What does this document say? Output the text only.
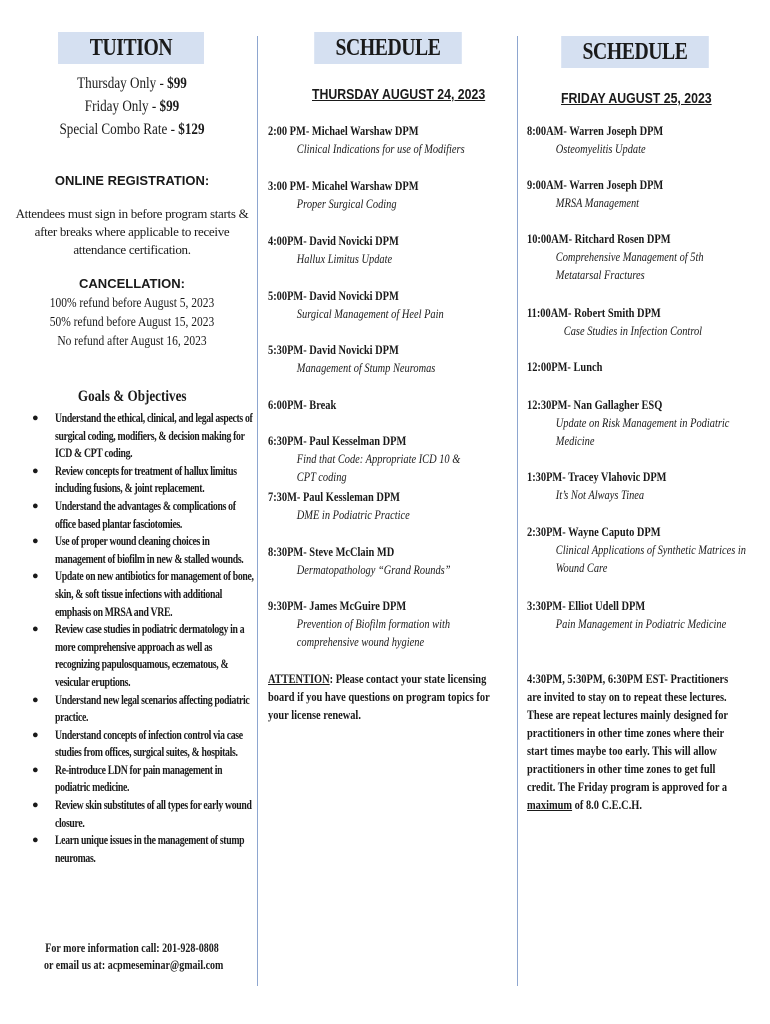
TUITION
Thursday Only - $99
Friday Only - $99
Special Combo Rate - $129
ONLINE REGISTRATION:
Attendees must sign in before program starts & after breaks where applicable to receive attendance certification.
CANCELLATION:
100% refund before August 5, 2023
50% refund before August 15, 2023
No refund after August 16, 2023
Goals & Objectives
● Understand the ethical, clinical, and legal aspects of surgical coding, modifiers, & decision making for ICD & CPT coding.
● Review concepts for treatment of hallux limitus including fusions, & joint replacement.
● Understand the advantages & complications of office based plantar fasciotomies.
● Use of proper wound cleaning choices in management of biofilm in new & stalled wounds.
● Update on new antibiotics for management of bone, skin, & soft tissue infections with additional emphasis on MRSA and VRE.
● Review case studies in podiatric dermatology in a more comprehensive approach as well as recognizing papulosquamous, eczematous, & vesicular eruptions.
● Understand new legal scenarios affecting podiatric practice.
● Understand concepts of infection control via case studies from offices, surgical suites, & hospitals.
● Re-introduce LDN for pain management in podiatric medicine.
● Review skin substitutes of all types for early wound closure.
● Learn unique issues in the management of stump neuromas.
For more information call: 201-928-0808
or email us at: acpmeseminar@gmail.com
SCHEDULE
THURSDAY AUGUST 24, 2023
2:00 PM- Michael Warshaw DPM
Clinical Indications for use of Modifiers
3:00 PM- Micahel Warshaw DPM
Proper Surgical Coding
4:00PM- David Novicki DPM
Hallux Limitus Update
5:00PM- David Novicki DPM
Surgical Management of Heel Pain
5:30PM- David Novicki DPM
Management of Stump Neuromas
6:00PM- Break
6:30PM- Paul Kesselman DPM
Find that Code: Appropriate ICD 10 & CPT coding
7:30M- Paul Kessleman DPM
DME in Podiatric Practice
8:30PM- Steve McClain MD
Dermatopathology “Grand Rounds”
9:30PM- James McGuire DPM
Prevention of Biofilm formation with comprehensive wound hygiene
ATTENTION: Please contact your state licensing board if you have questions on program topics for your license renewal.
SCHEDULE
FRIDAY AUGUST 25, 2023
8:00AM- Warren Joseph DPM
Osteomyelitis Update
9:00AM- Warren Joseph DPM
MRSA Management
10:00AM- Ritchard Rosen DPM
Comprehensive Management of 5th Metatarsal Fractures
11:00AM- Robert Smith DPM
Case Studies in Infection Control
12:00PM- Lunch
12:30PM- Nan Gallagher ESQ
Update on Risk Management in Podiatric Medicine
1:30PM- Tracey Vlahovic DPM
It’s Not Always Tinea
2:30PM- Wayne Caputo DPM
Clinical Applications of Synthetic Matrices in Wound Care
3:30PM- Elliot Udell DPM
Pain Management in Podiatric Medicine
4:30PM, 5:30PM, 6:30PM EST- Practitioners are invited to stay on to repeat these lectures. These are repeat lectures mainly designed for practitioners in other time zones where their start times maybe too early. This will allow practitioners in other time zones to get full credit. The Friday program is approved for a maximum of 8.0 C.E.C.H.
